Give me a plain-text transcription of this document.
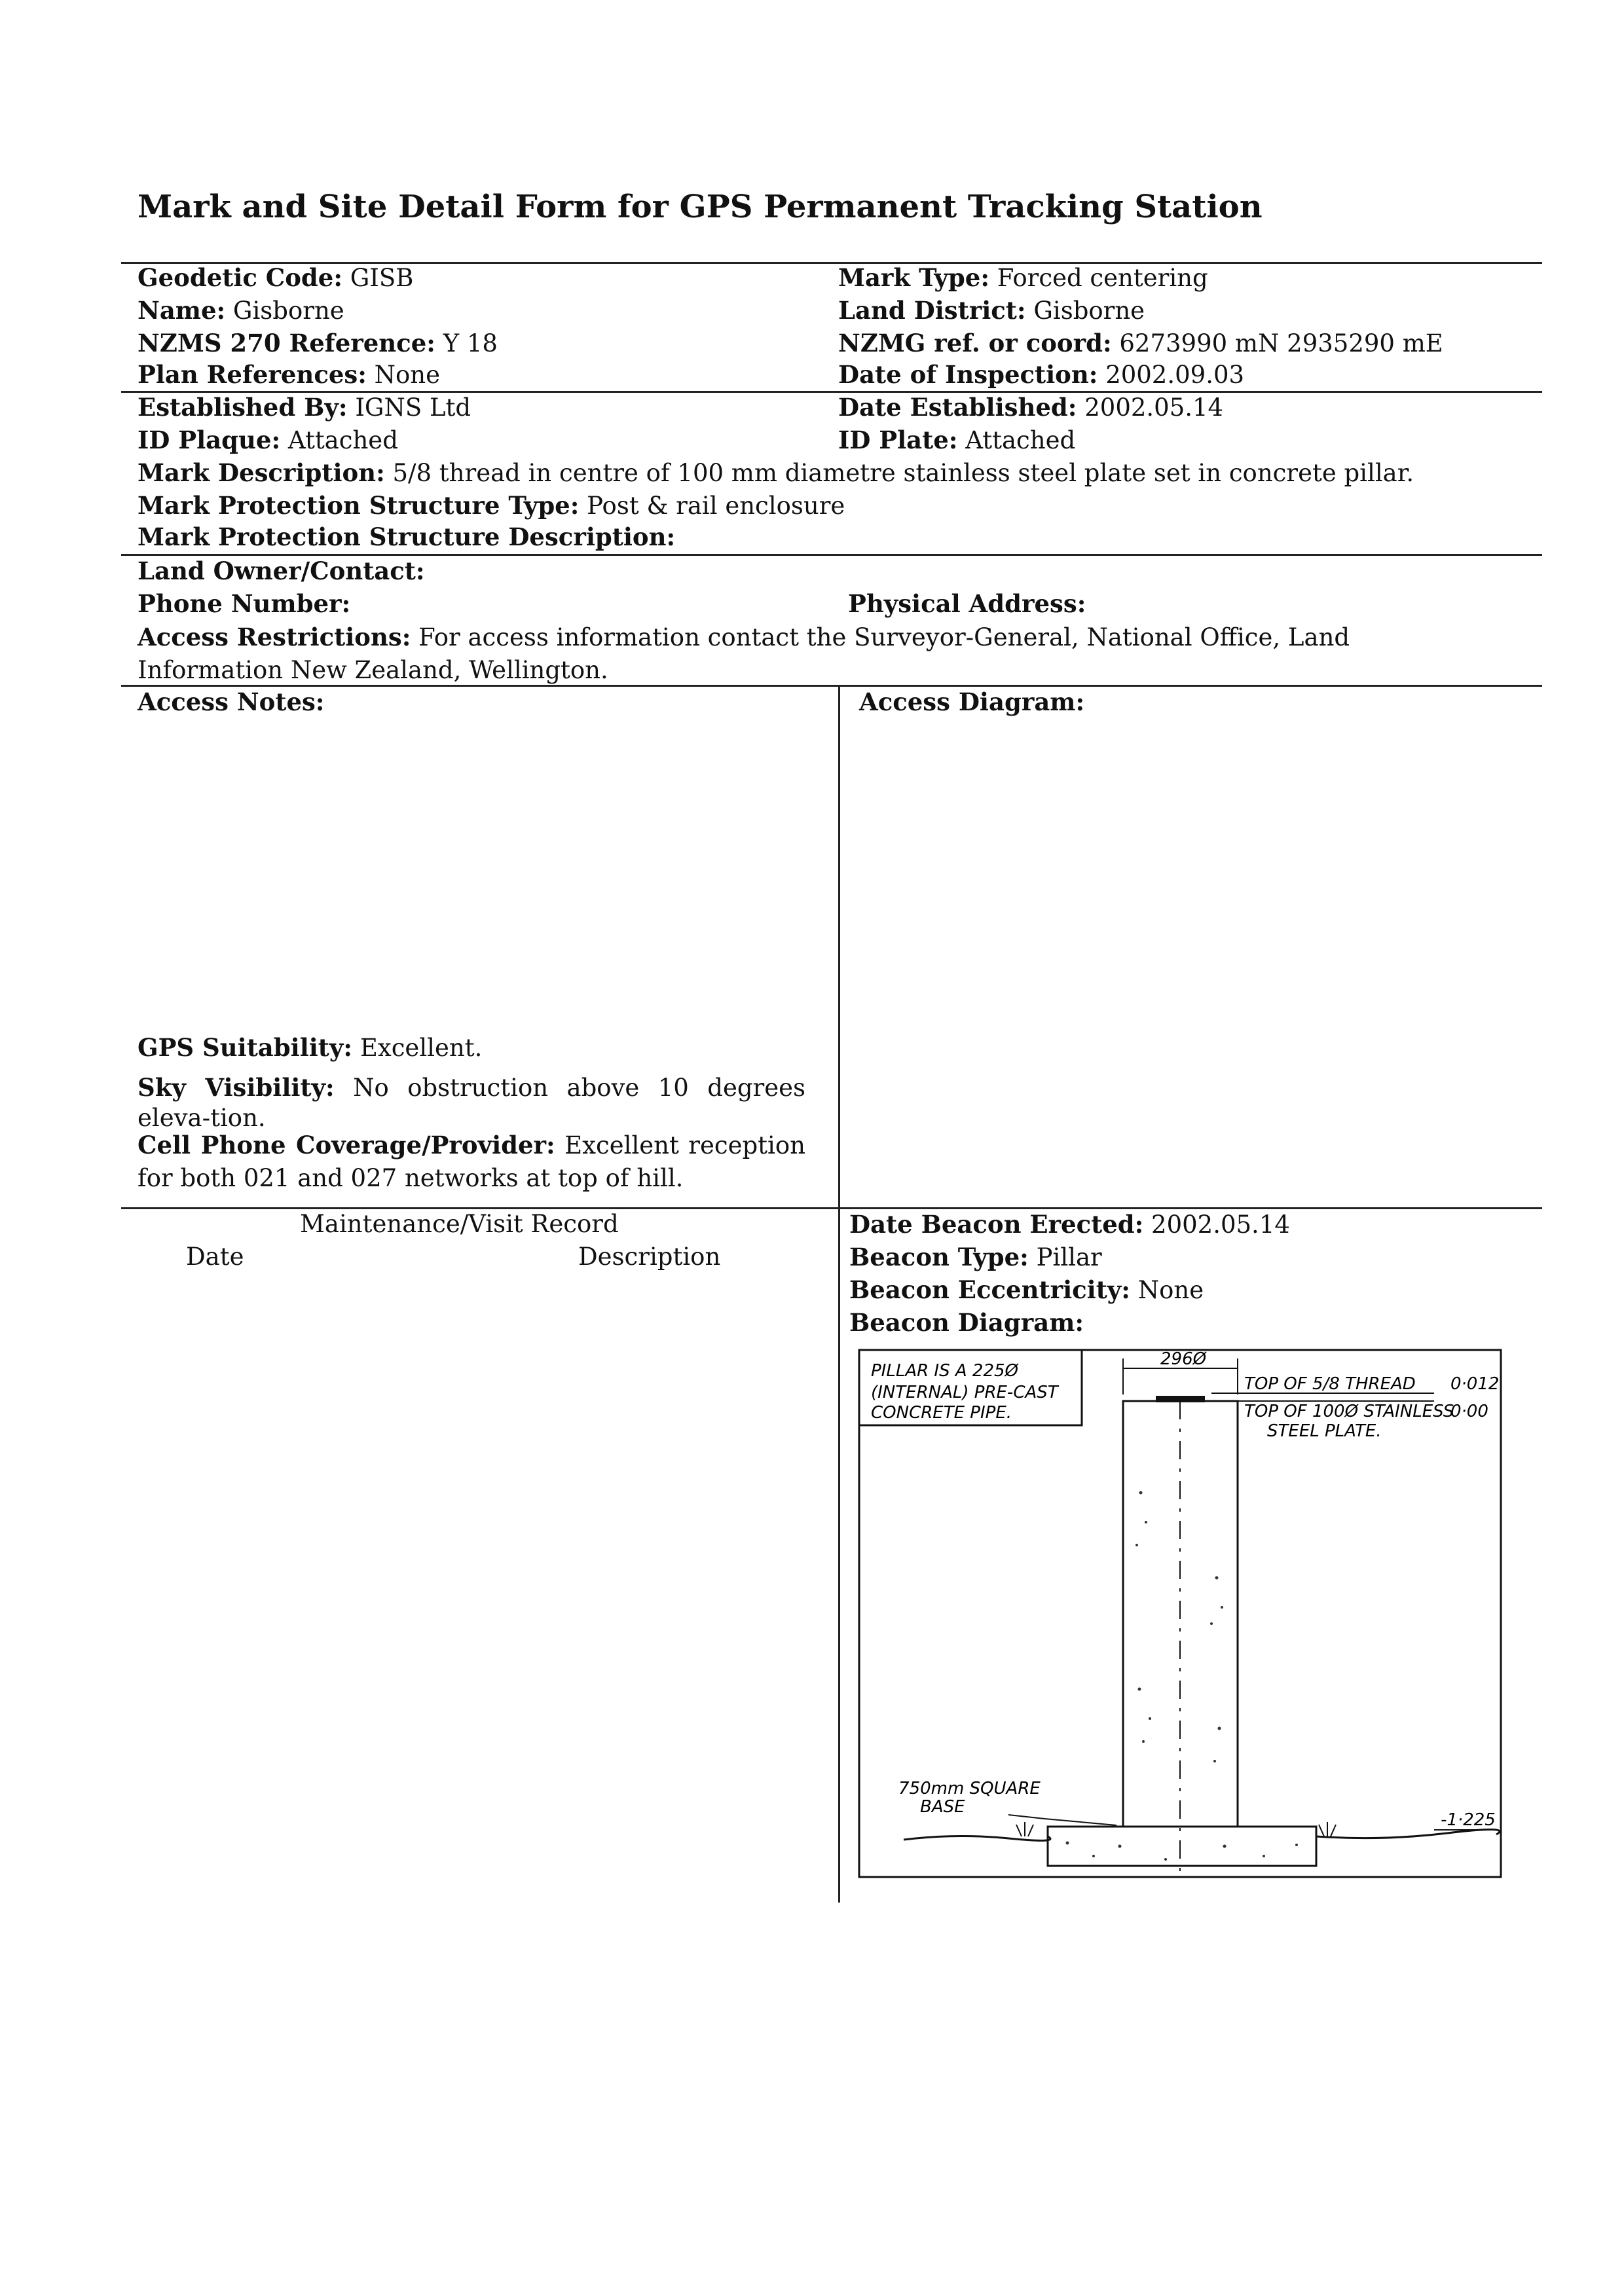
Mark and Site Detail Form for GPS Permanent Tracking Station
Geodetic Code: GISB	Mark Type: Forced centering
Name: Gisborne	Land District: Gisborne
NZMS 270 Reference: Y 18	NZMG ref. or coord: 6273990 mN 2935290 mE
Plan References: None	Date of Inspection: 2002.09.03
Established By: IGNS Ltd	Date Established: 2002.05.14
ID Plaque: Attached	ID Plate: Attached
Mark Description: 5/8 thread in centre of 100 mm diametre stainless steel plate set in concrete pillar.
Mark Protection Structure Type: Post & rail enclosure
Mark Protection Structure Description:
Land Owner/Contact:
Phone Number:	Physical Address:
Access Restrictions: For access information contact the Surveyor-General, National Office, Land Information New Zealand, Wellington.
Access Notes:	Access Diagram:
GPS Suitability: Excellent.
Sky Visibility: No obstruction above 10 degrees eleva-tion.
Cell Phone Coverage/Provider: Excellent reception for both 021 and 027 networks at top of hill.
Maintenance/Visit Record
Date	Description
Date Beacon Erected: 2002.05.14
Beacon Type: Pillar
Beacon Eccentricity: None
Beacon Diagram:
PILLAR IS A 225Ø
(INTERNAL) PRE-CAST
CONCRETE PIPE.
296Ø
TOP OF 5/8 THREAD 0·012
TOP OF 100Ø STAINLESS
STEEL PLATE.
0·00
750mm SQUARE
BASE
-1·225
